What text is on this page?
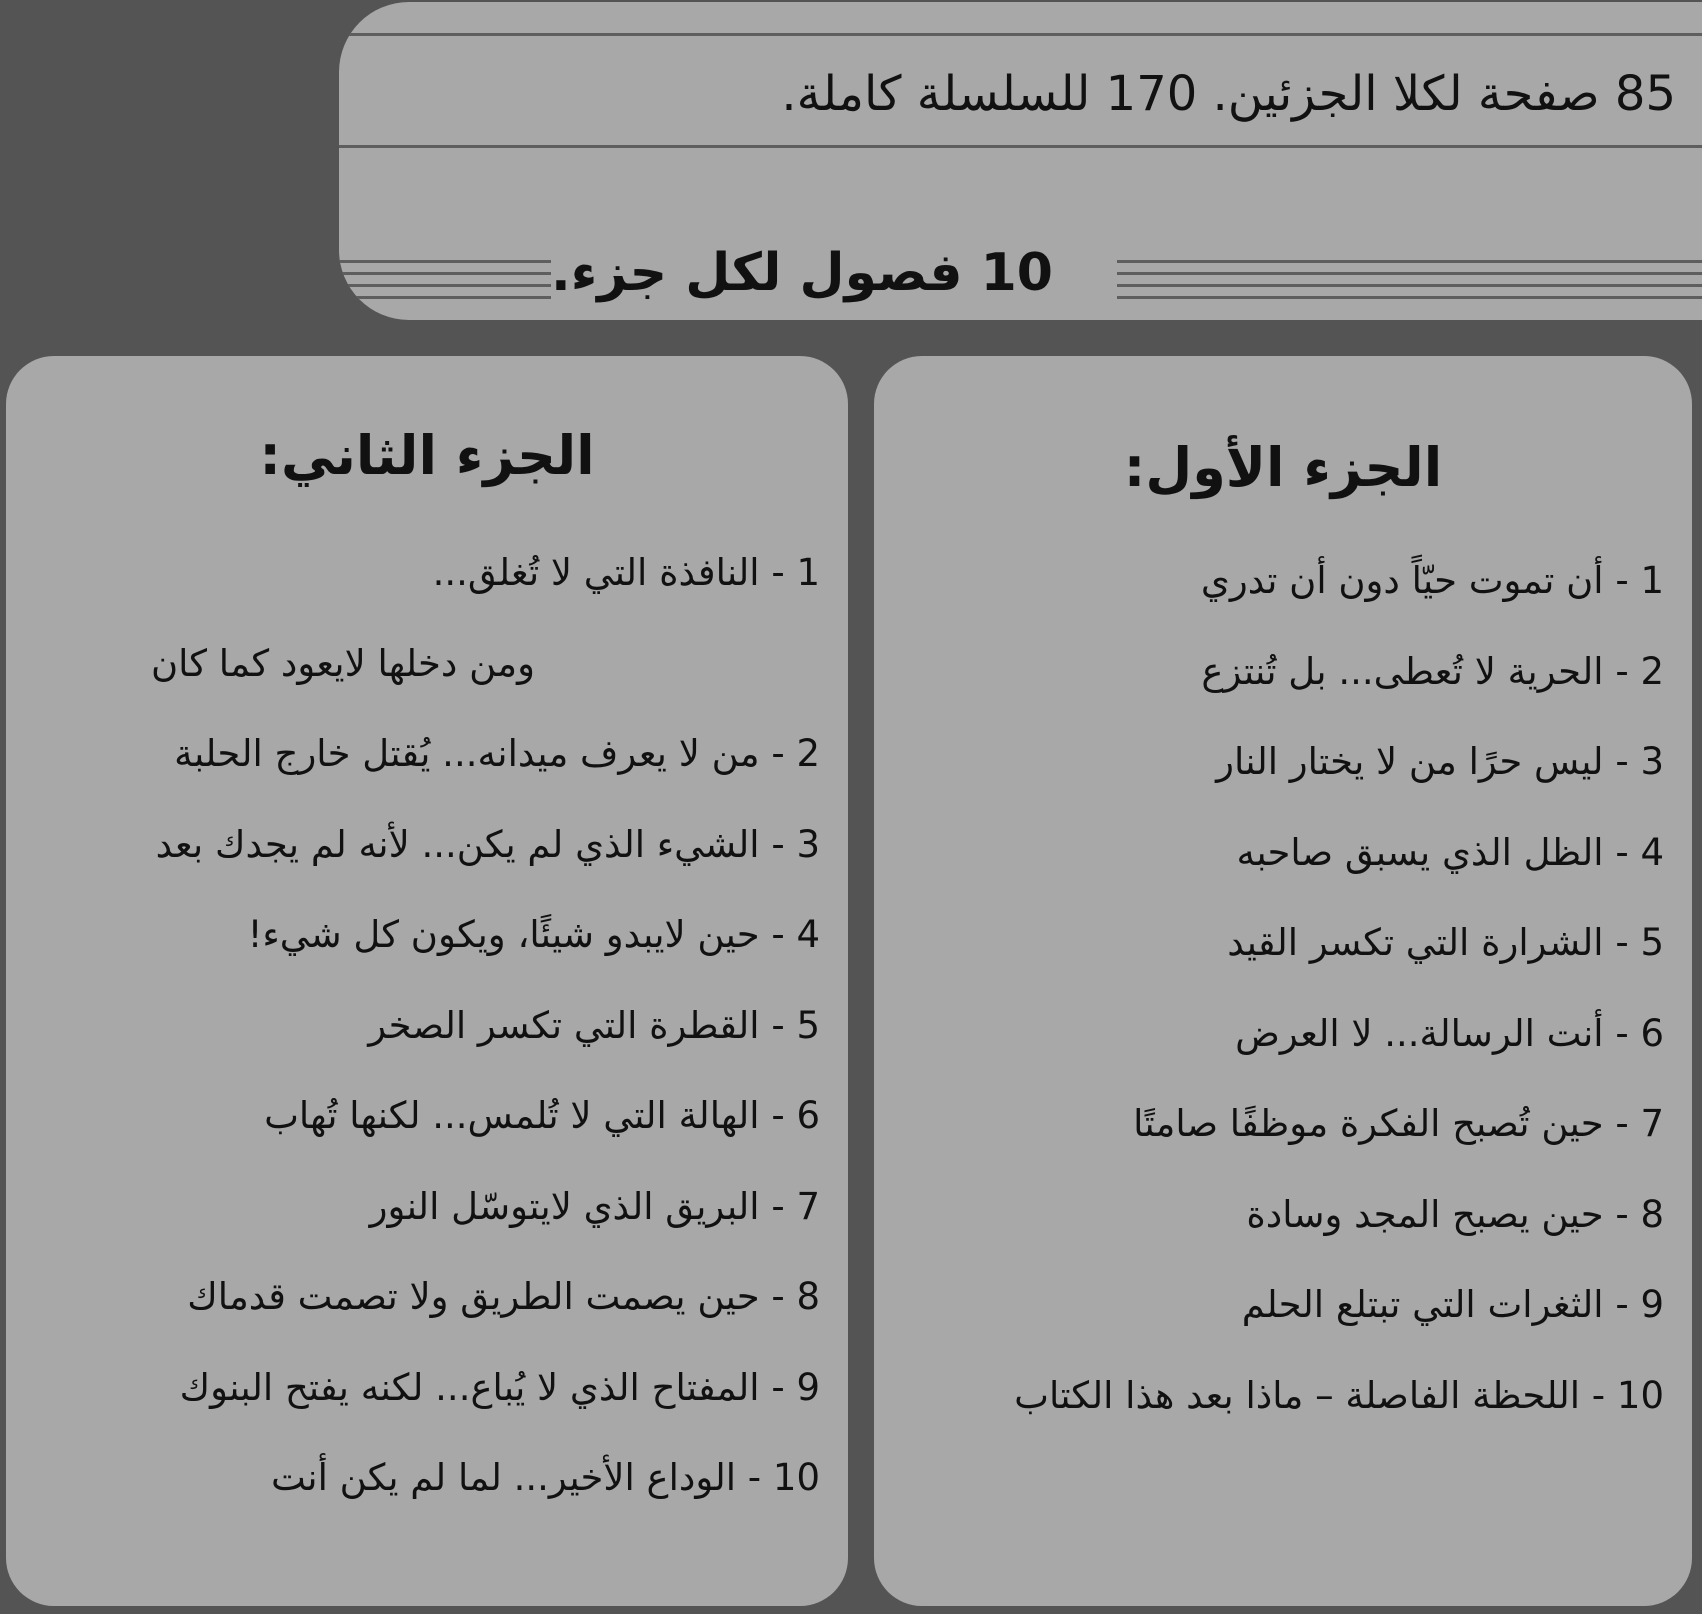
85 صفحة لكلا الجزئين. 170 للسلسلة كاملة.
10 فصول لكل جزء.
الجزء الأول:
1 - أن تموت حيّاً دون أن تدري
2 - الحرية لا تُعطى... بل تُنتزع
3 - ليس حرًا من لا يختار النار
4 - الظل الذي يسبق صاحبه
5 - الشرارة التي تكسر القيد
6 - أنت الرسالة... لا العرض
7 - حين تُصبح الفكرة موظفًا صامتًا
8 - حين يصبح المجد وسادة
9 - الثغرات التي تبتلع الحلم
10 - اللحظة الفاصلة – ماذا بعد هذا الكتاب
الجزء الثاني:
1 - النافذة التي لا تُغلق...
ومن دخلها لايعود كما كان
2 - من لا يعرف ميدانه... يُقتل خارج الحلبة
3 - الشيء الذي لم يكن... لأنه لم يجدك بعد
4 - حين لايبدو شيئًا، ويكون كل شيء!
5 - القطرة التي تكسر الصخر
6 - الهالة التي لا تُلمس... لكنها تُهاب
7 - البريق الذي لايتوسّل النور
8 - حين يصمت الطريق ولا تصمت قدماك
9 - المفتاح الذي لا يُباع... لكنه يفتح البنوك
10 - الوداع الأخير... لما لم يكن أنت
